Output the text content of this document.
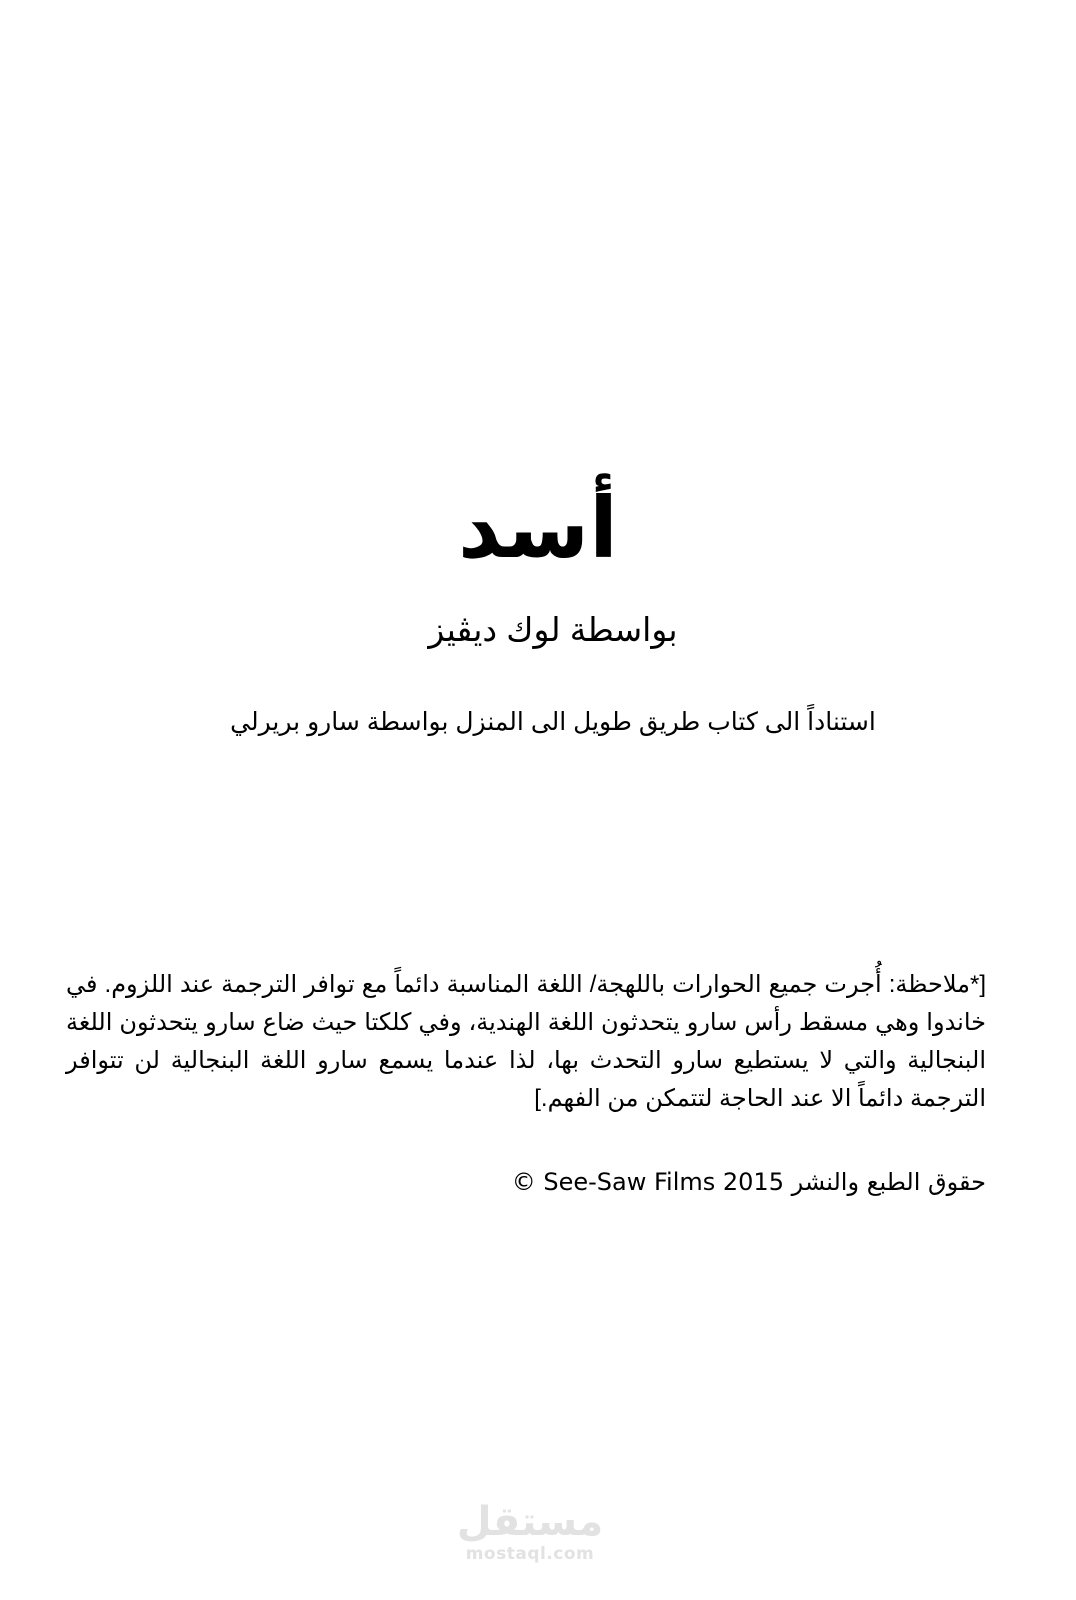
أسد
بواسطة لوك ديڤيز
استناداً الى كتاب طريق طويل الى المنزل بواسطة سارو بريرلي

[*ملاحظة: أُجرت جميع الحوارات باللهجة/ اللغة المناسبة دائماً مع توافر الترجمة عند اللزوم. في خاندوا وهي مسقط رأس سارو يتحدثون اللغة الهندية، وفي كلكتا حيث ضاع سارو يتحدثون اللغة البنجالية والتي لا يستطيع سارو التحدث بها، لذا عندما يسمع سارو اللغة البنجالية لن تتوافر الترجمة دائماً الا عند الحاجة لتتمكن من الفهم.]

حقوق الطبع والنشر See-Saw Films 2015 ©
مستقل
mostaql.com
